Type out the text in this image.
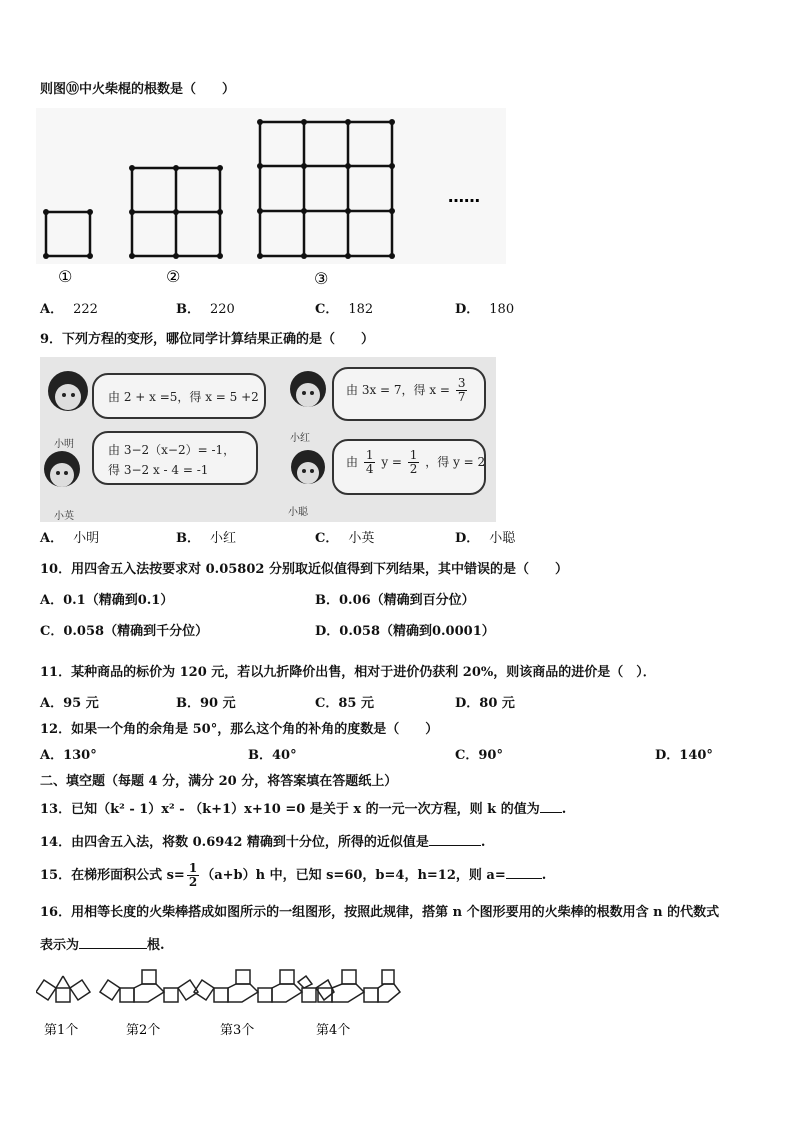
则图⑩中火柴棍的根数是（　　）
……
①	②	③
A． 222	B． 220	C． 182	D． 180
9．下列方程的变形，哪位同学计算结果正确的是（　　）
小明
小红
小英	小聪
由 2 + x =5，得 x = 5 +2	由 3x = 7，得 $x = \frac{3}{7}$
由 3−2（x−2）= -1，
得 3−2 x - 4 = -1
由 $\frac{1}{4}$ $y = \frac{1}{2}$ ，得 y = 2
A． 小明	B． 小红	C． 小英	D． 小聪
10．用四舍五入法按要求对 0.05802 分别取近似值得到下列结果，其中错误的是（　　）
A．0.1（精确到0.1）	B．0.06（精确到百分位）
C．0.058（精确到千分位）	D．0.058（精确到0.0001）
11．某种商品的标价为 120 元，若以九折降价出售，相对于进价仍获利 20%，则该商品的进价是（　）．
A．95 元	B．90 元	C．85 元	D．80 元
12．如果一个角的余角是 50°，那么这个角的补角的度数是（　　）
A．130°	B．40°	C．90°	D．140°
二、填空题（每题 4 分，满分 20 分，将答案填在答题纸上）
13．已知（k² - 1）x² - （k+1）x+10 =0 是关于 x 的一元一次方程，则 k 的值为 .
14．由四舍五入法，将数 0.6942 精确到十分位，所得的近似值是	.
15．在梯形面积公式 $s= \frac{1}{2} (a+b)h$ 中，已知 s=60，b=4，h=12，则 a=	.
16．用相等长度的火柴棒搭成如图所示的一组图形，按照此规律，搭第 n 个图形要用的火柴棒的根数用含 n 的代数式
表示为	根.
第1个	第2个	第3个	第4个
